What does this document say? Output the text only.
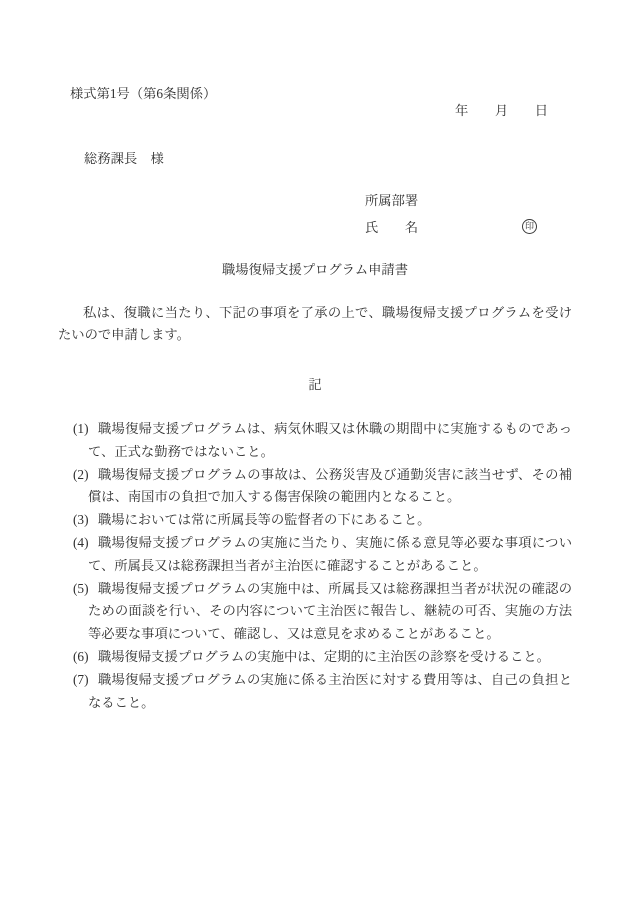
様式第1号（第6条関係）
年　　月　　日
総務課長　様
所属部署
氏　　名	印
職場復帰支援プログラム申請書
私は、復職に当たり、下記の事項を了承の上で、職場復帰支援プログラムを受けたいので申請します。
記
(1) 職場復帰支援プログラムは、病気休暇又は休職の期間中に実施するものであって、正式な勤務ではないこと。
(2) 職場復帰支援プログラムの事故は、公務災害及び通勤災害に該当せず、その補償は、南国市の負担で加入する傷害保険の範囲内となること。
(3) 職場においては常に所属長等の監督者の下にあること。
(4) 職場復帰支援プログラムの実施に当たり、実施に係る意見等必要な事項について、所属長又は総務課担当者が主治医に確認することがあること。
(5) 職場復帰支援プログラムの実施中は、所属長又は総務課担当者が状況の確認のための面談を行い、その内容について主治医に報告し、継続の可否、実施の方法等必要な事項について、確認し、又は意見を求めることがあること。
(6) 職場復帰支援プログラムの実施中は、定期的に主治医の診察を受けること。
(7) 職場復帰支援プログラムの実施に係る主治医に対する費用等は、自己の負担となること。
